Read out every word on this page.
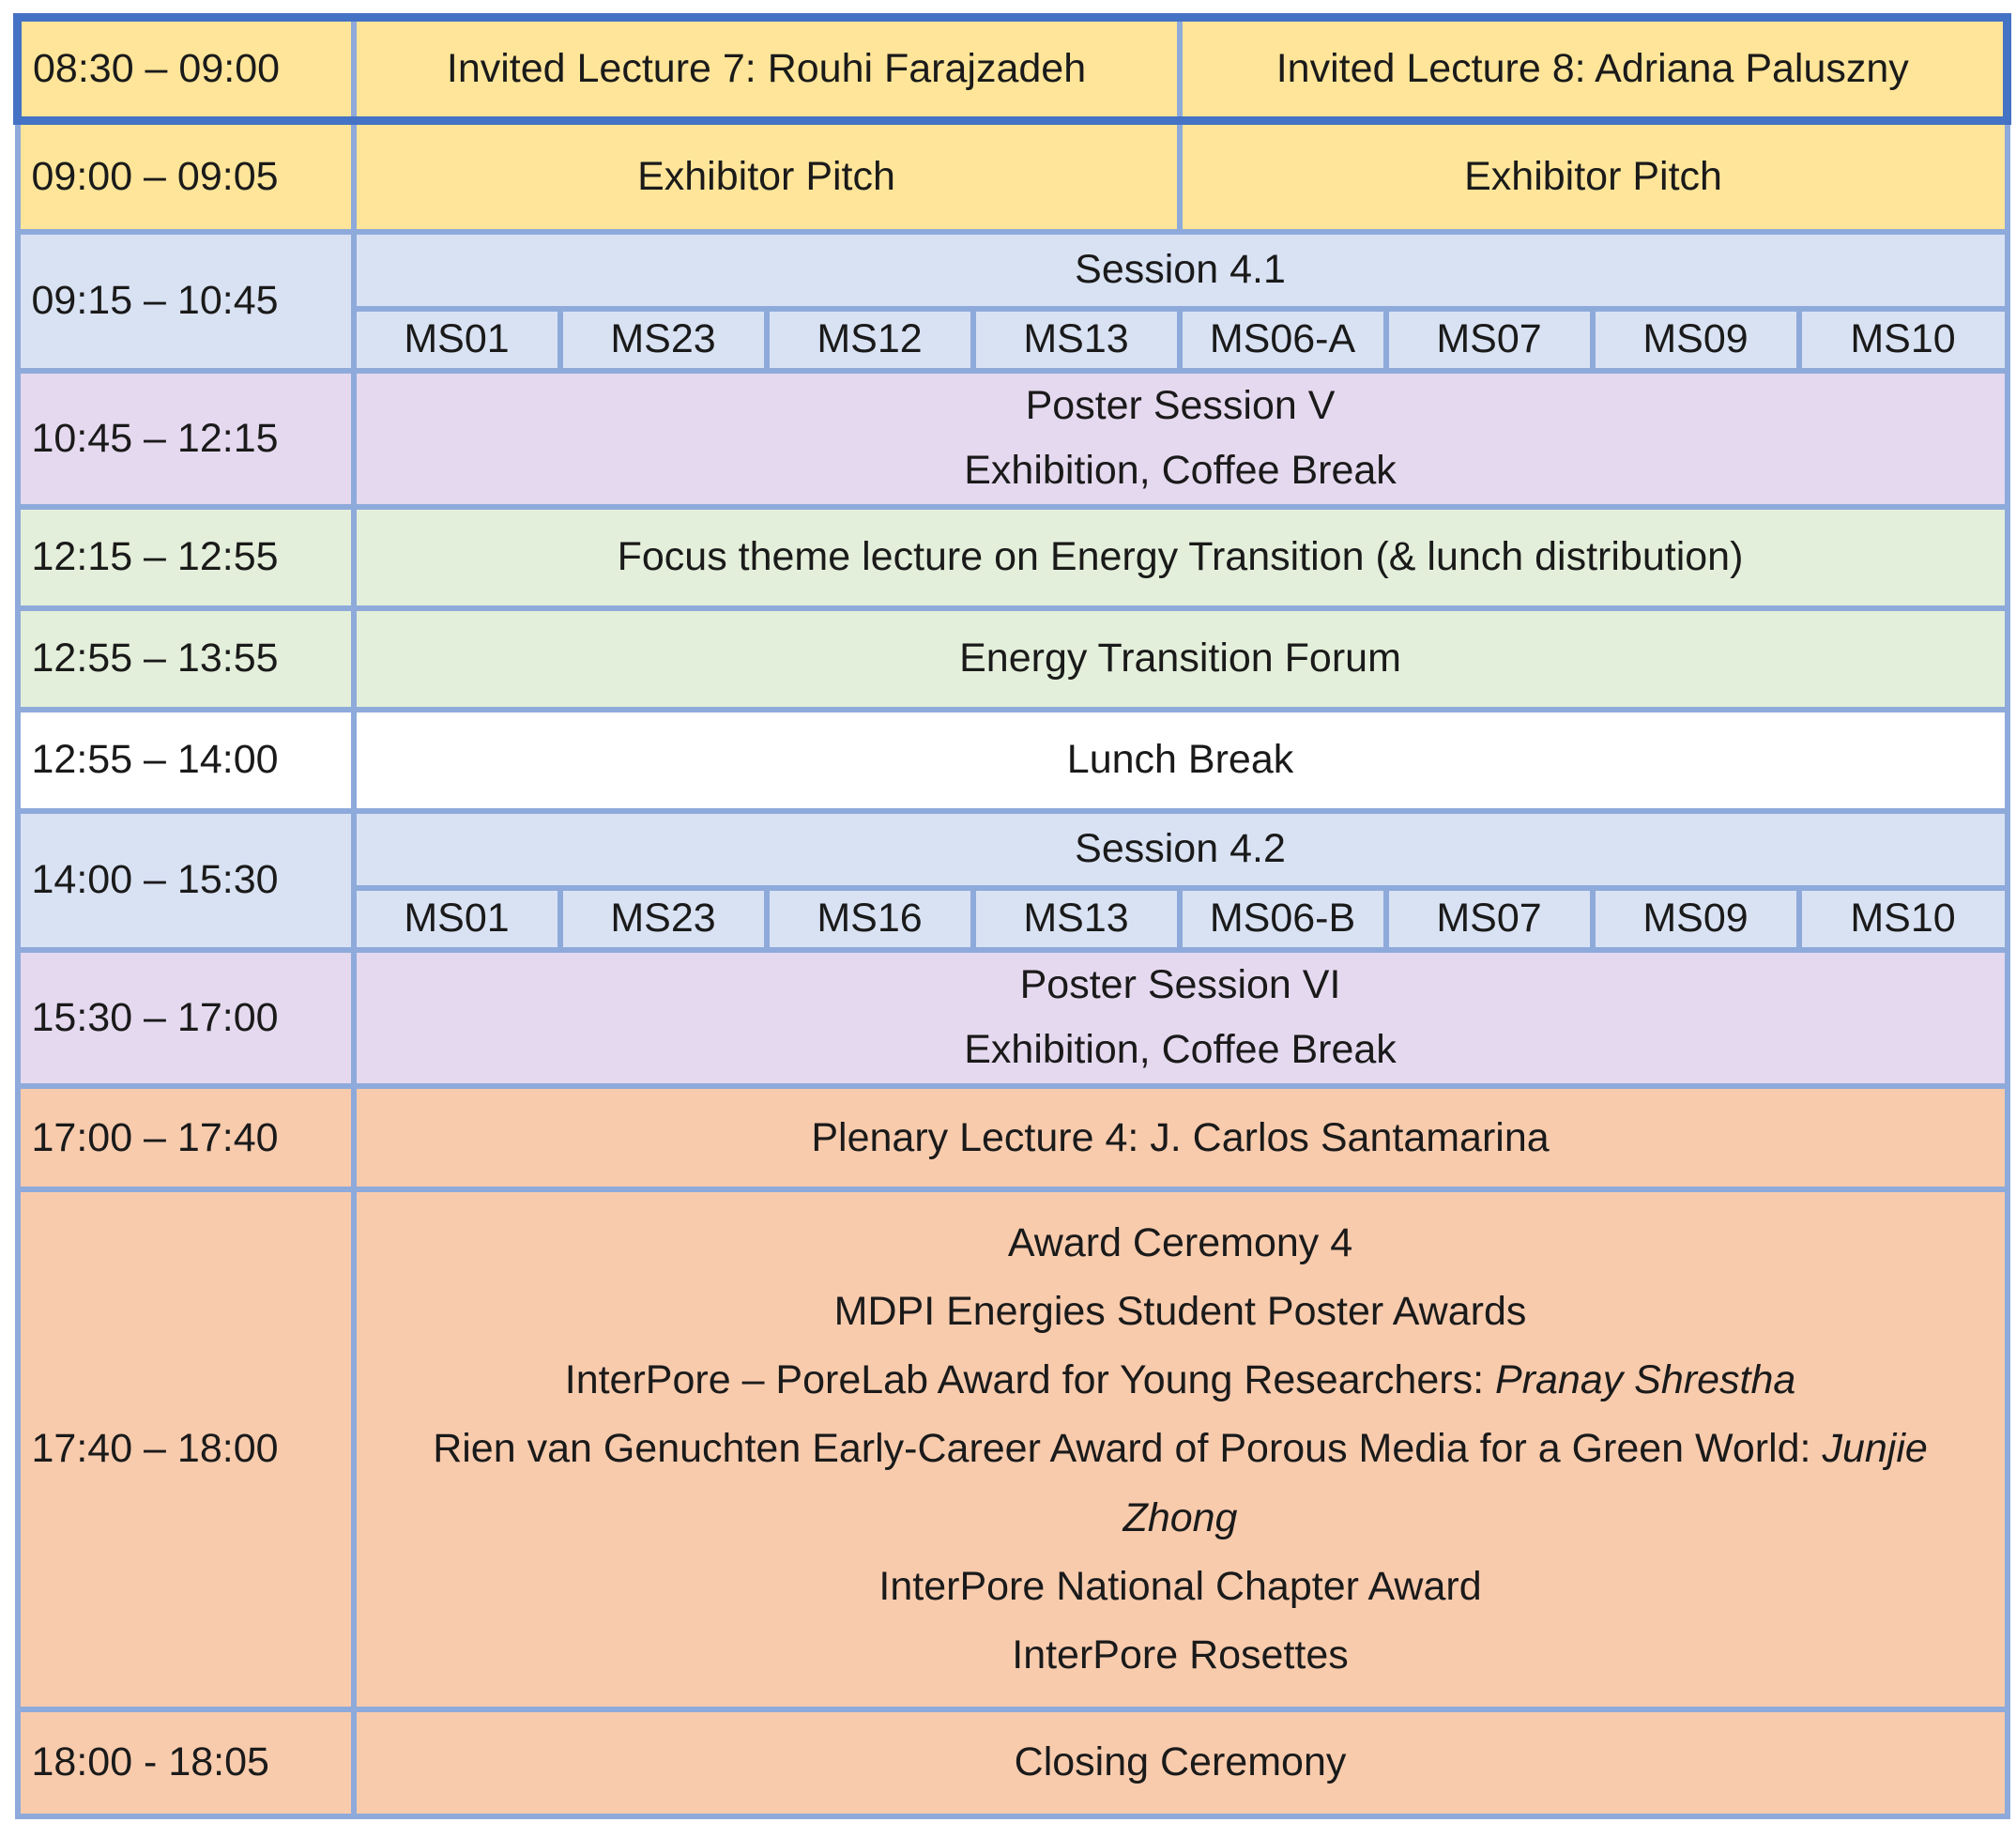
08:30 – 09:00	Invited Lecture 7: Rouhi Farajzadeh				Invited Lecture 8: Adriana Paluszny			
09:00 – 09:05	Exhibitor Pitch				Exhibitor Pitch			
09:15 – 10:45	Session 4.1							
	MS01	MS23	MS12	MS13	MS06-A	MS07	MS09	MS10
10:45 – 12:15	Poster Session V
Exhibition, Coffee Break							

12:15 – 12:55	Focus theme lecture on Energy Transition (& lunch distribution)							
12:55 – 13:55	Energy Transition Forum							
12:55 – 14:00	Lunch Break							
14:00 – 15:30	Session 4.2							
	MS01	MS23	MS16	MS13	MS06-B	MS07	MS09	MS10
15:30 – 17:00	Poster Session VI
Exhibition, Coffee Break							

17:00 – 17:40	Plenary Lecture 4: J. Carlos Santamarina							
17:40 – 18:00	
Award Ceremony 4
MDPI Energies Student Poster Awards
InterPore – PoreLab Award for Young Researchers: Pranay Shrestha
Rien van Genuchten Early-Career Award of Porous Media for a Green World: Junjie Zhong
InterPore National Chapter Award
InterPore Rosettes

18:00 - 18:05	Closing Ceremony							
